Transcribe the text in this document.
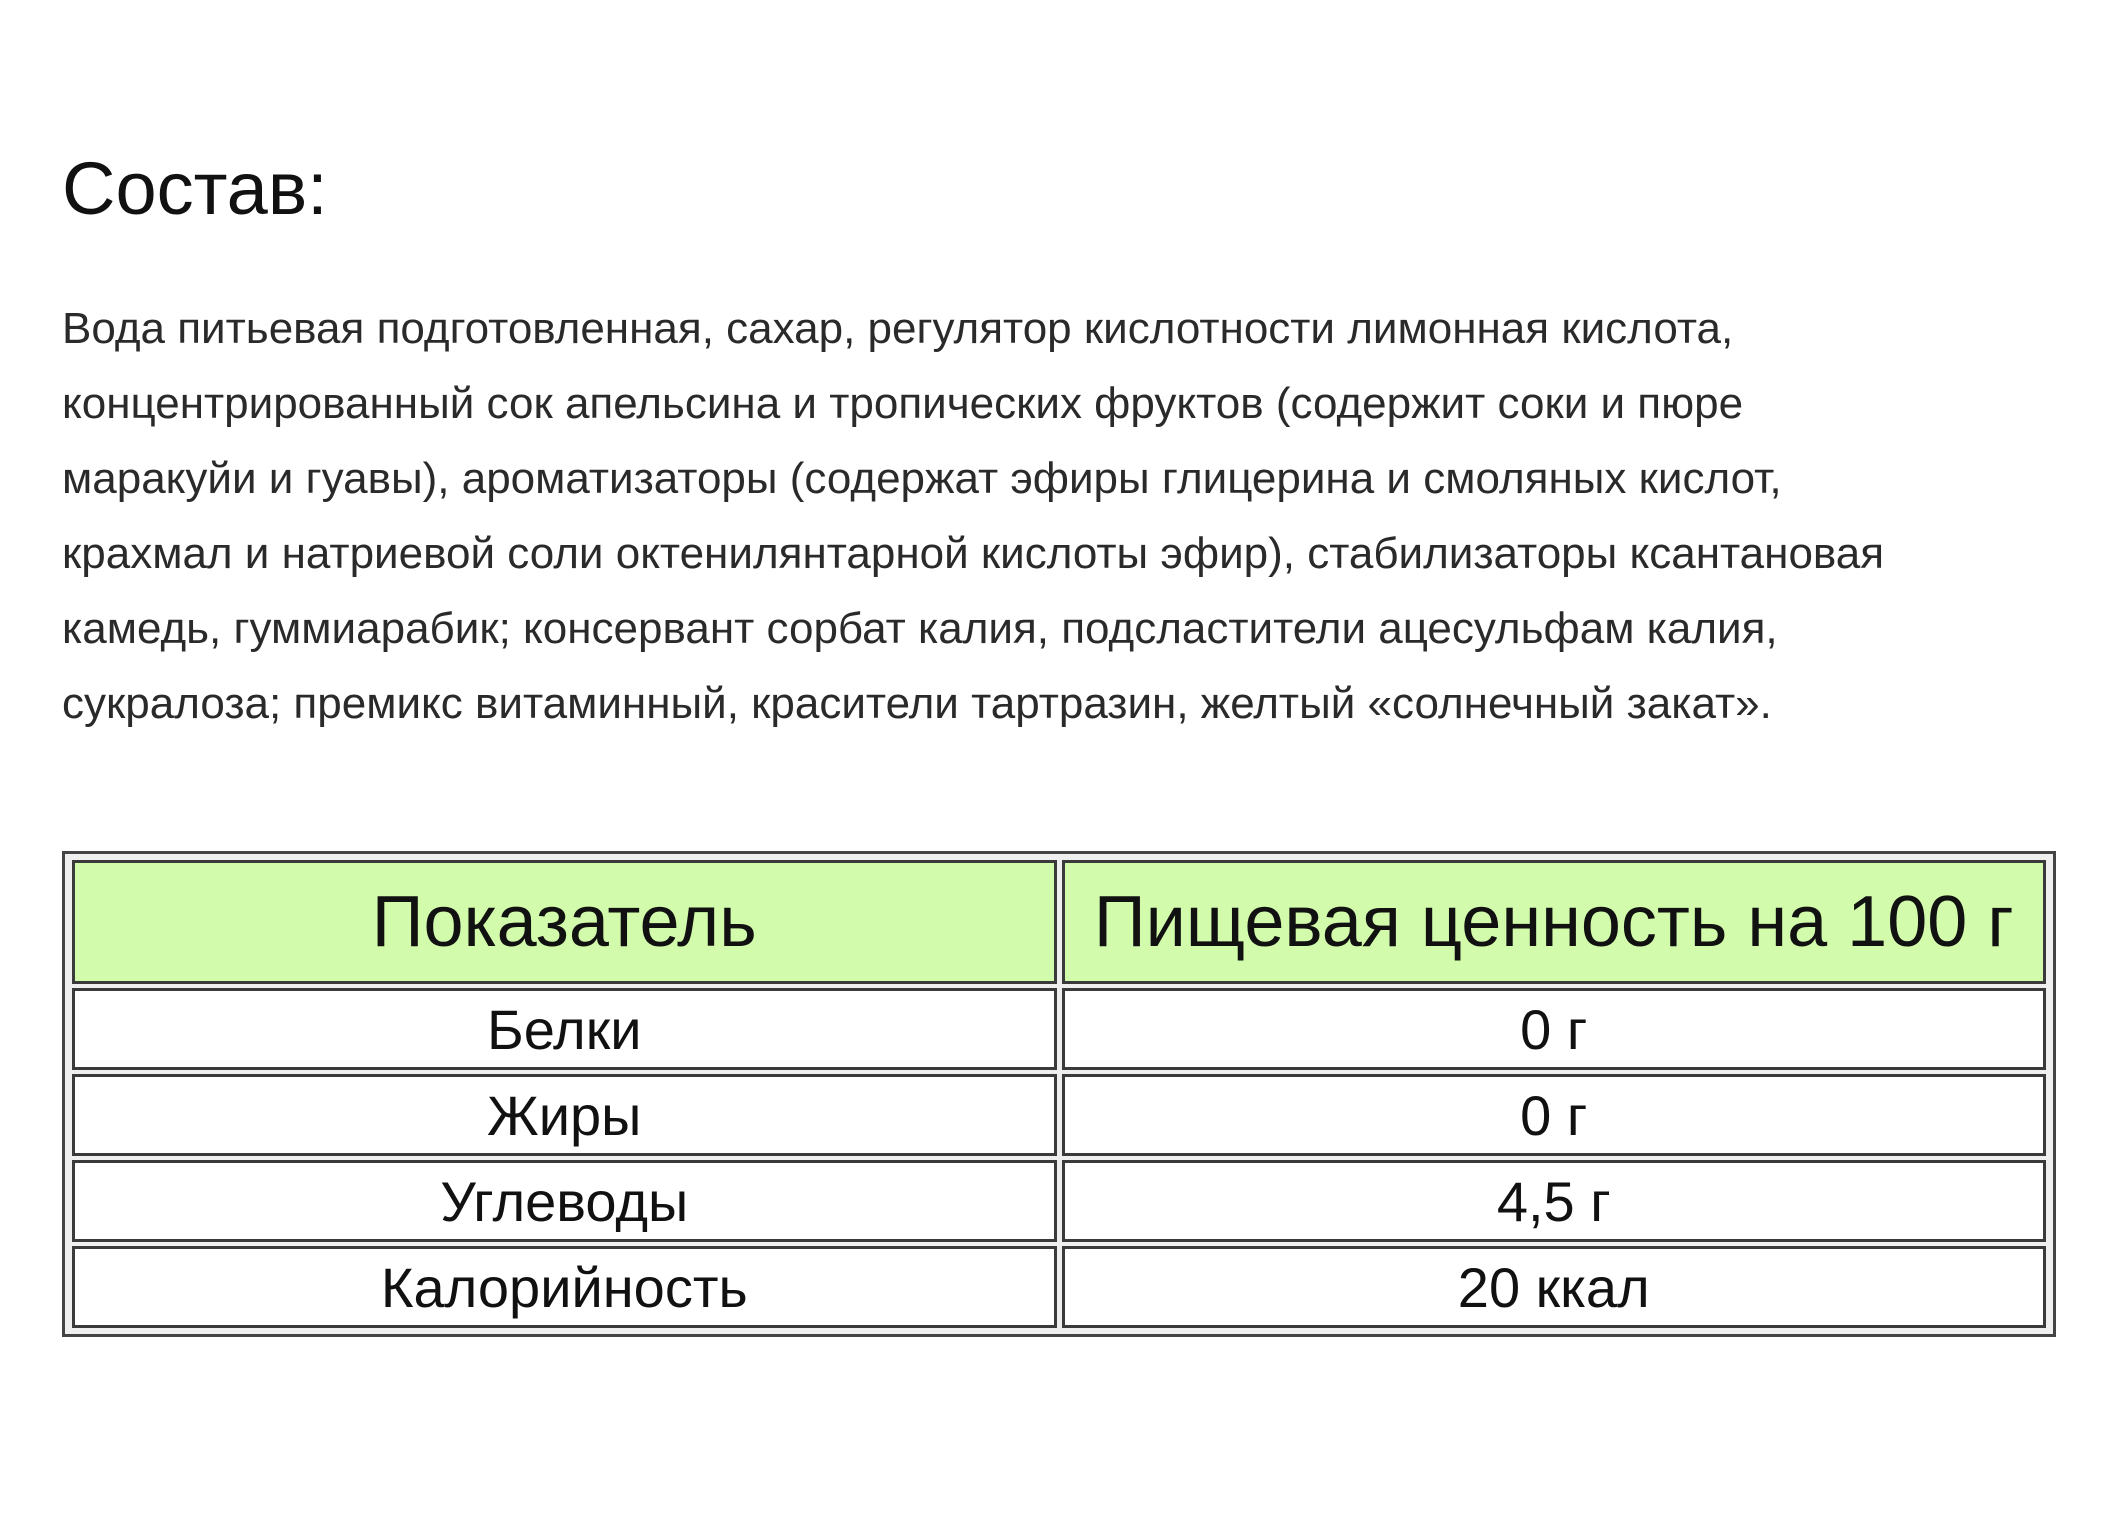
Состав:

Вода питьевая подготовленная, сахар, регулятор кислотности лимонная кислота,
концентрированный сок апельсина и тропических фруктов (содержит соки и пюре
маракуйи и гуавы), ароматизаторы (содержат эфиры глицерина и смоляных кислот,
крахмал и натриевой соли октенилянтарной кислоты эфир), стабилизаторы ксантановая
камедь, гуммиарабик; консервант сорбат калия, подсластители ацесульфам калия,
сукралоза; премикс витаминный, красители тартразин, желтый «солнечный закат».

Показатель	Пищевая ценность на 100 г
Белки	0 г
Жиры	0 г
Углеводы	4,5 г
Калорийность	20 ккал
